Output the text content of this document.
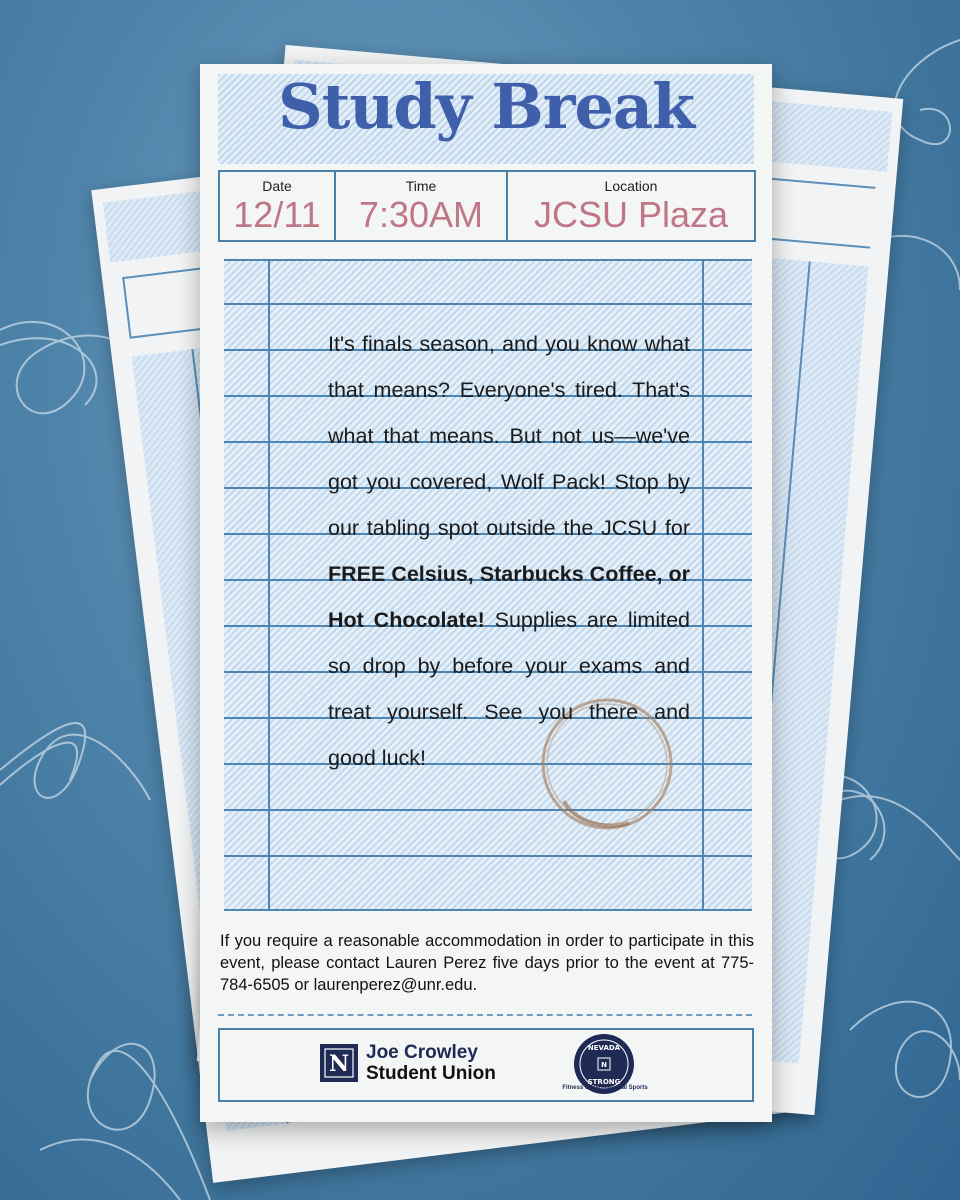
Study Break
Date
12/11
Time
7:30AM
Location
JCSU Plaza
It's finals season, and you know what that means? Everyone's tired. That's what that means. But not us—we've got you covered, Wolf Pack! Stop by our tabling spot outside the JCSU for FREE Celsius, Starbucks Coffee, or Hot Chocolate! Supplies are limited so drop by before your exams and treat yourself. See you there and good luck!
If you require a reasonable accommodation in order to participate in this event, please contact Lauren Perez five days prior to the event at 775-784-6505 or laurenperez@unr.edu.
N Joe Crowley
Student Union	N
NEVADA
STRONG
Fitness & Recreational Sports
